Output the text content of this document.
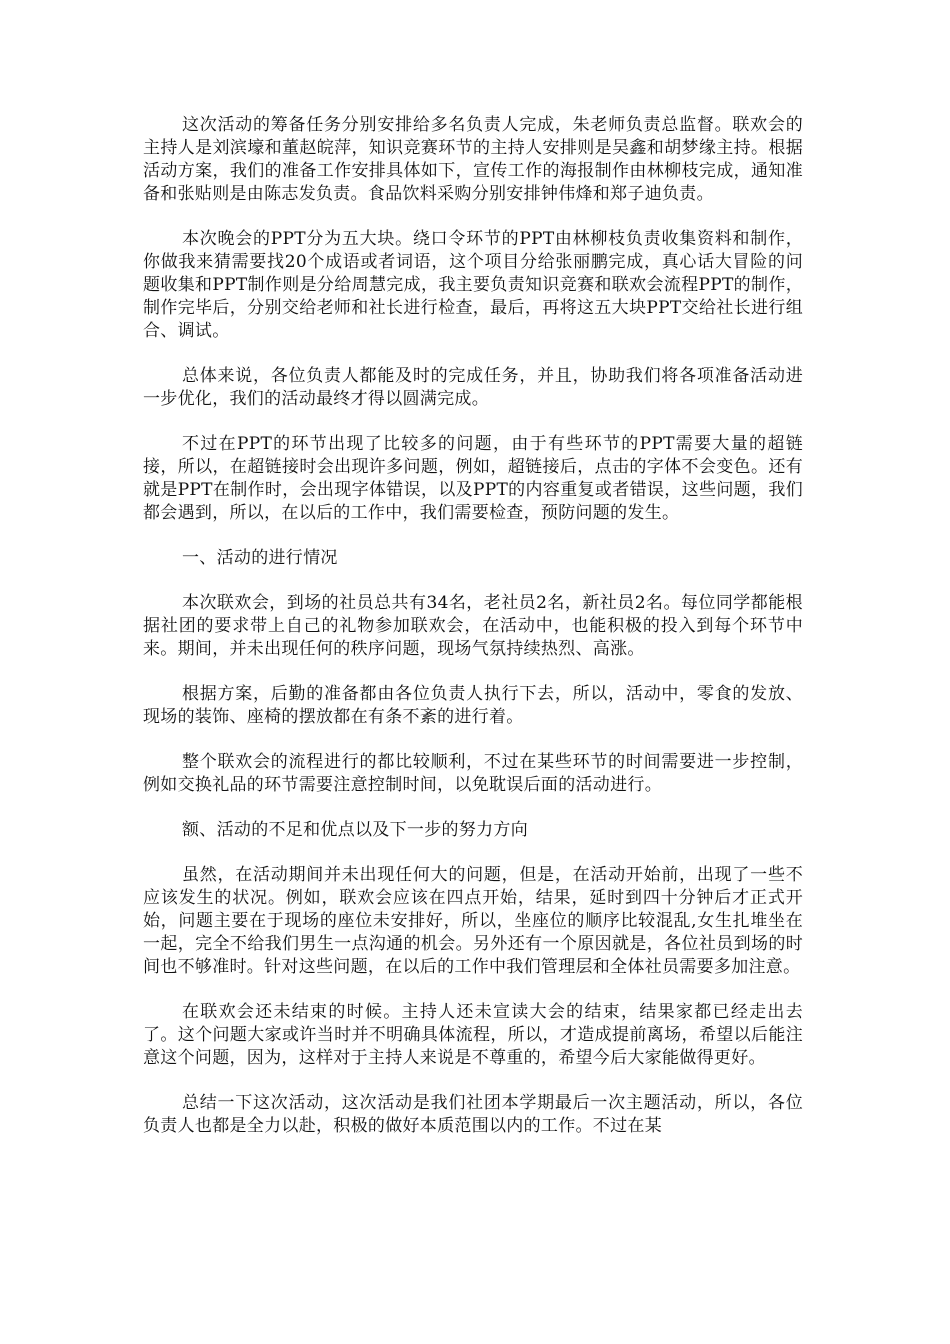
这次活动的筹备任务分别安排给多名负责人完成，朱老师负责总监督。联欢会的主持人是刘滨壕和董赵皖萍，知识竞赛环节的主持人安排则是吴鑫和胡梦缘主持。根据活动方案，我们的准备工作安排具体如下，宣传工作的海报制作由林柳枝完成，通知准备和张贴则是由陈志发负责。食品饮料采购分别安排钟伟烽和郑子迪负责。

本次晚会的PPT分为五大块。绕口令环节的PPT由林柳枝负责收集资料和制作，你做我来猜需要找20个成语或者词语，这个项目分给张丽鹏完成，真心话大冒险的问题收集和PPT制作则是分给周慧完成，我主要负责知识竞赛和联欢会流程PPT的制作，制作完毕后，分别交给老师和社长进行检查，最后，再将这五大块PPT交给社长进行组合、调试。

总体来说，各位负责人都能及时的完成任务，并且，协助我们将各项准备活动进一步优化，我们的活动最终才得以圆满完成。

不过在PPT的环节出现了比较多的问题，由于有些环节的PPT需要大量的超链接，所以，在超链接时会出现许多问题，例如，超链接后，点击的字体不会变色。还有就是PPT在制作时，会出现字体错误，以及PPT的内容重复或者错误，这些问题，我们都会遇到，所以，在以后的工作中，我们需要检查，预防问题的发生。

一、活动的进行情况

本次联欢会，到场的社员总共有34名，老社员2名，新社员2名。每位同学都能根据社团的要求带上自己的礼物参加联欢会，在活动中，也能积极的投入到每个环节中来。期间，并未出现任何的秩序问题，现场气氛持续热烈、高涨。

根据方案，后勤的准备都由各位负责人执行下去，所以，活动中，零食的发放、现场的装饰、座椅的摆放都在有条不紊的进行着。

整个联欢会的流程进行的都比较顺利，不过在某些环节的时间需要进一步控制，例如交换礼品的环节需要注意控制时间，以免耽误后面的活动进行。

额、活动的不足和优点以及下一步的努力方向

虽然，在活动期间并未出现任何大的问题，但是，在活动开始前，出现了一些不应该发生的状况。例如，联欢会应该在四点开始，结果，延时到四十分钟后才正式开始，问题主要在于现场的座位未安排好，所以，坐座位的顺序比较混乱,女生扎堆坐在一起，完全不给我们男生一点沟通的机会。另外还有一个原因就是，各位社员到场的时间也不够准时。针对这些问题，在以后的工作中我们管理层和全体社员需要多加注意。

在联欢会还未结束的时候。主持人还未宣读大会的结束，结果家都已经走出去了。这个问题大家或许当时并不明确具体流程，所以，才造成提前离场，希望以后能注意这个问题，因为，这样对于主持人来说是不尊重的，希望今后大家能做得更好。

总结一下这次活动，这次活动是我们社团本学期最后一次主题活动，所以，各位负责人也都是全力以赴，积极的做好本质范围以内的工作。不过在某
